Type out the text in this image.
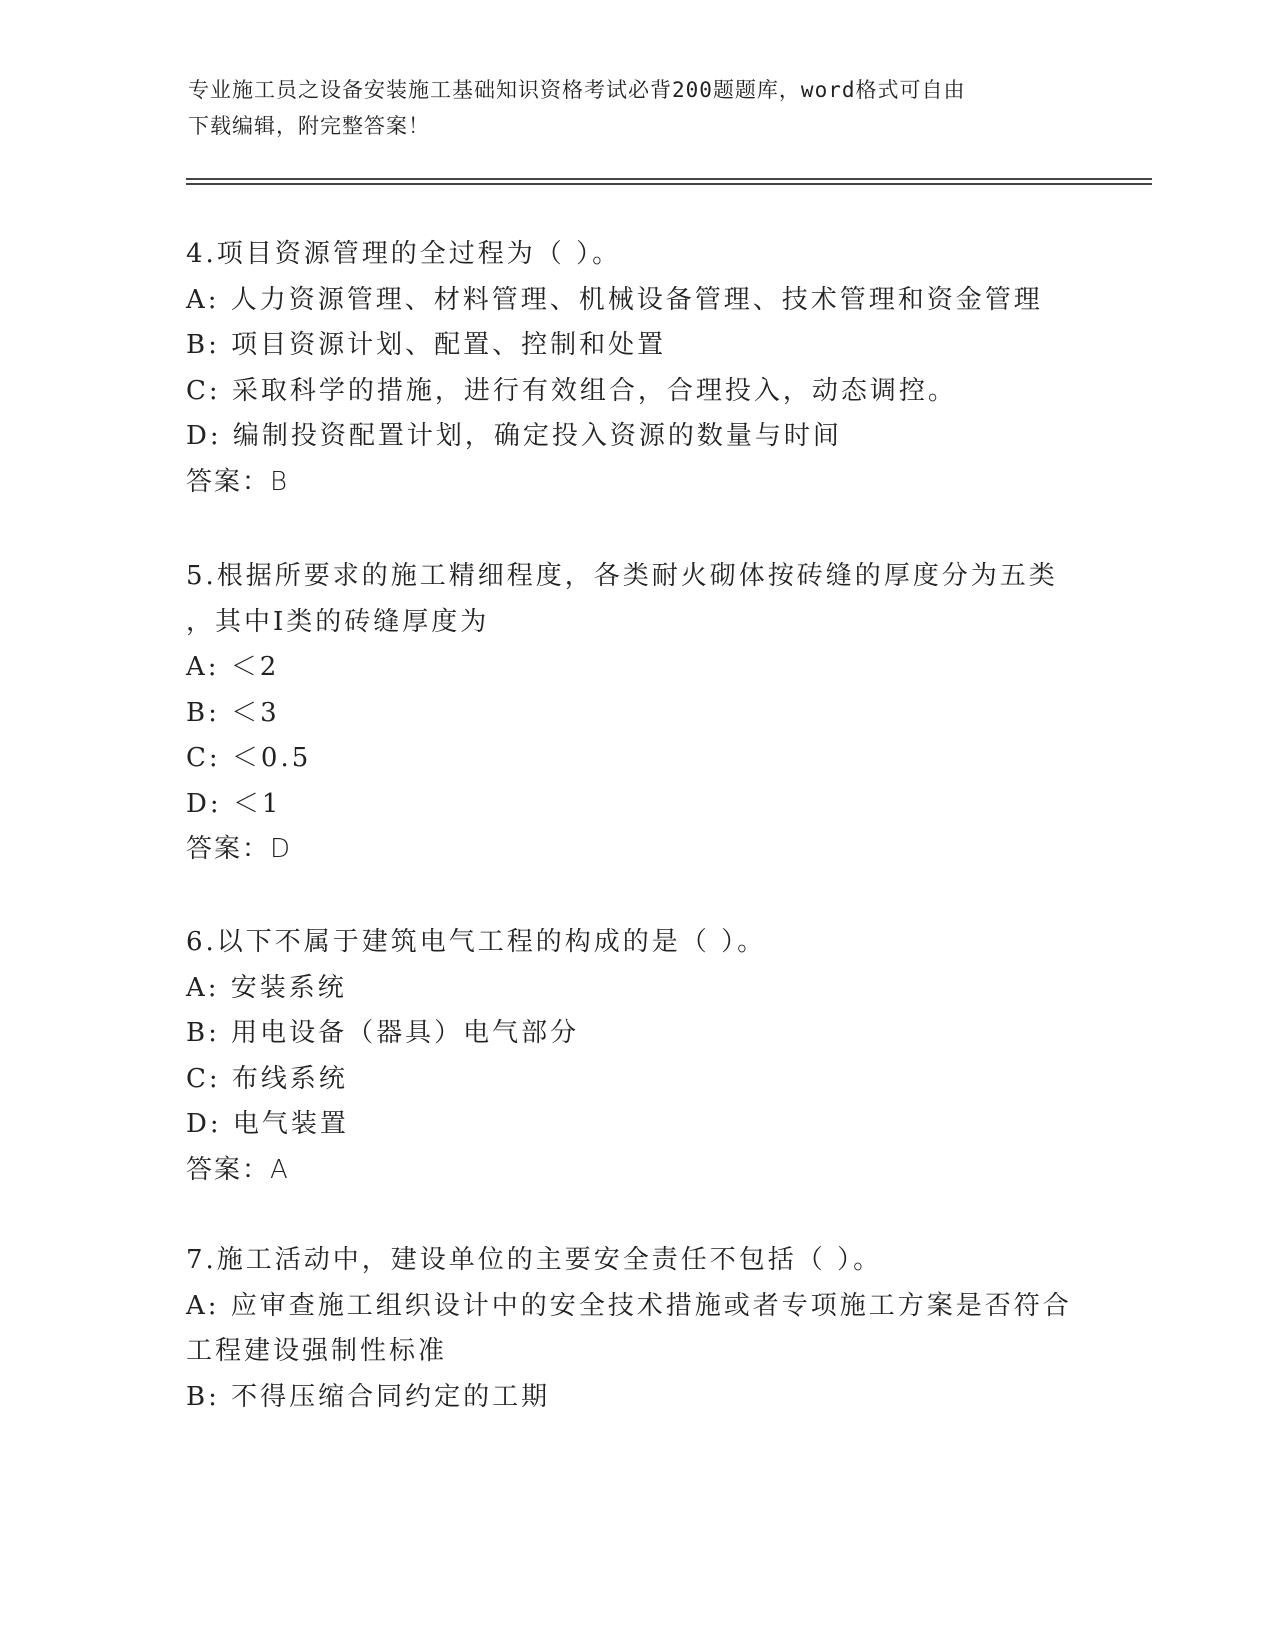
专业施工员之设备安装施工基础知识资格考试必背200题题库，word格式可自由
下载编辑，附完整答案！
4.项目资源管理的全过程为（ ）。
A: 人力资源管理、材料管理、机械设备管理、技术管理和资金管理
B: 项目资源计划、配置、控制和处置
C: 采取科学的措施，进行有效组合，合理投入，动态调控。
D: 编制投资配置计划，确定投入资源的数量与时间
答案：B
5.根据所要求的施工精细程度，各类耐火砌体按砖缝的厚度分为五类
，其中Ⅰ类的砖缝厚度为
A: ＜2
B: ＜3
C: ＜0.5
D: ＜1
答案：D
6.以下不属于建筑电气工程的构成的是（ ）。
A: 安装系统
B: 用电设备（器具）电气部分
C: 布线系统
D: 电气装置
答案：A
7.施工活动中，建设单位的主要安全责任不包括（ ）。
A: 应审查施工组织设计中的安全技术措施或者专项施工方案是否符合
工程建设强制性标准
B: 不得压缩合同约定的工期
